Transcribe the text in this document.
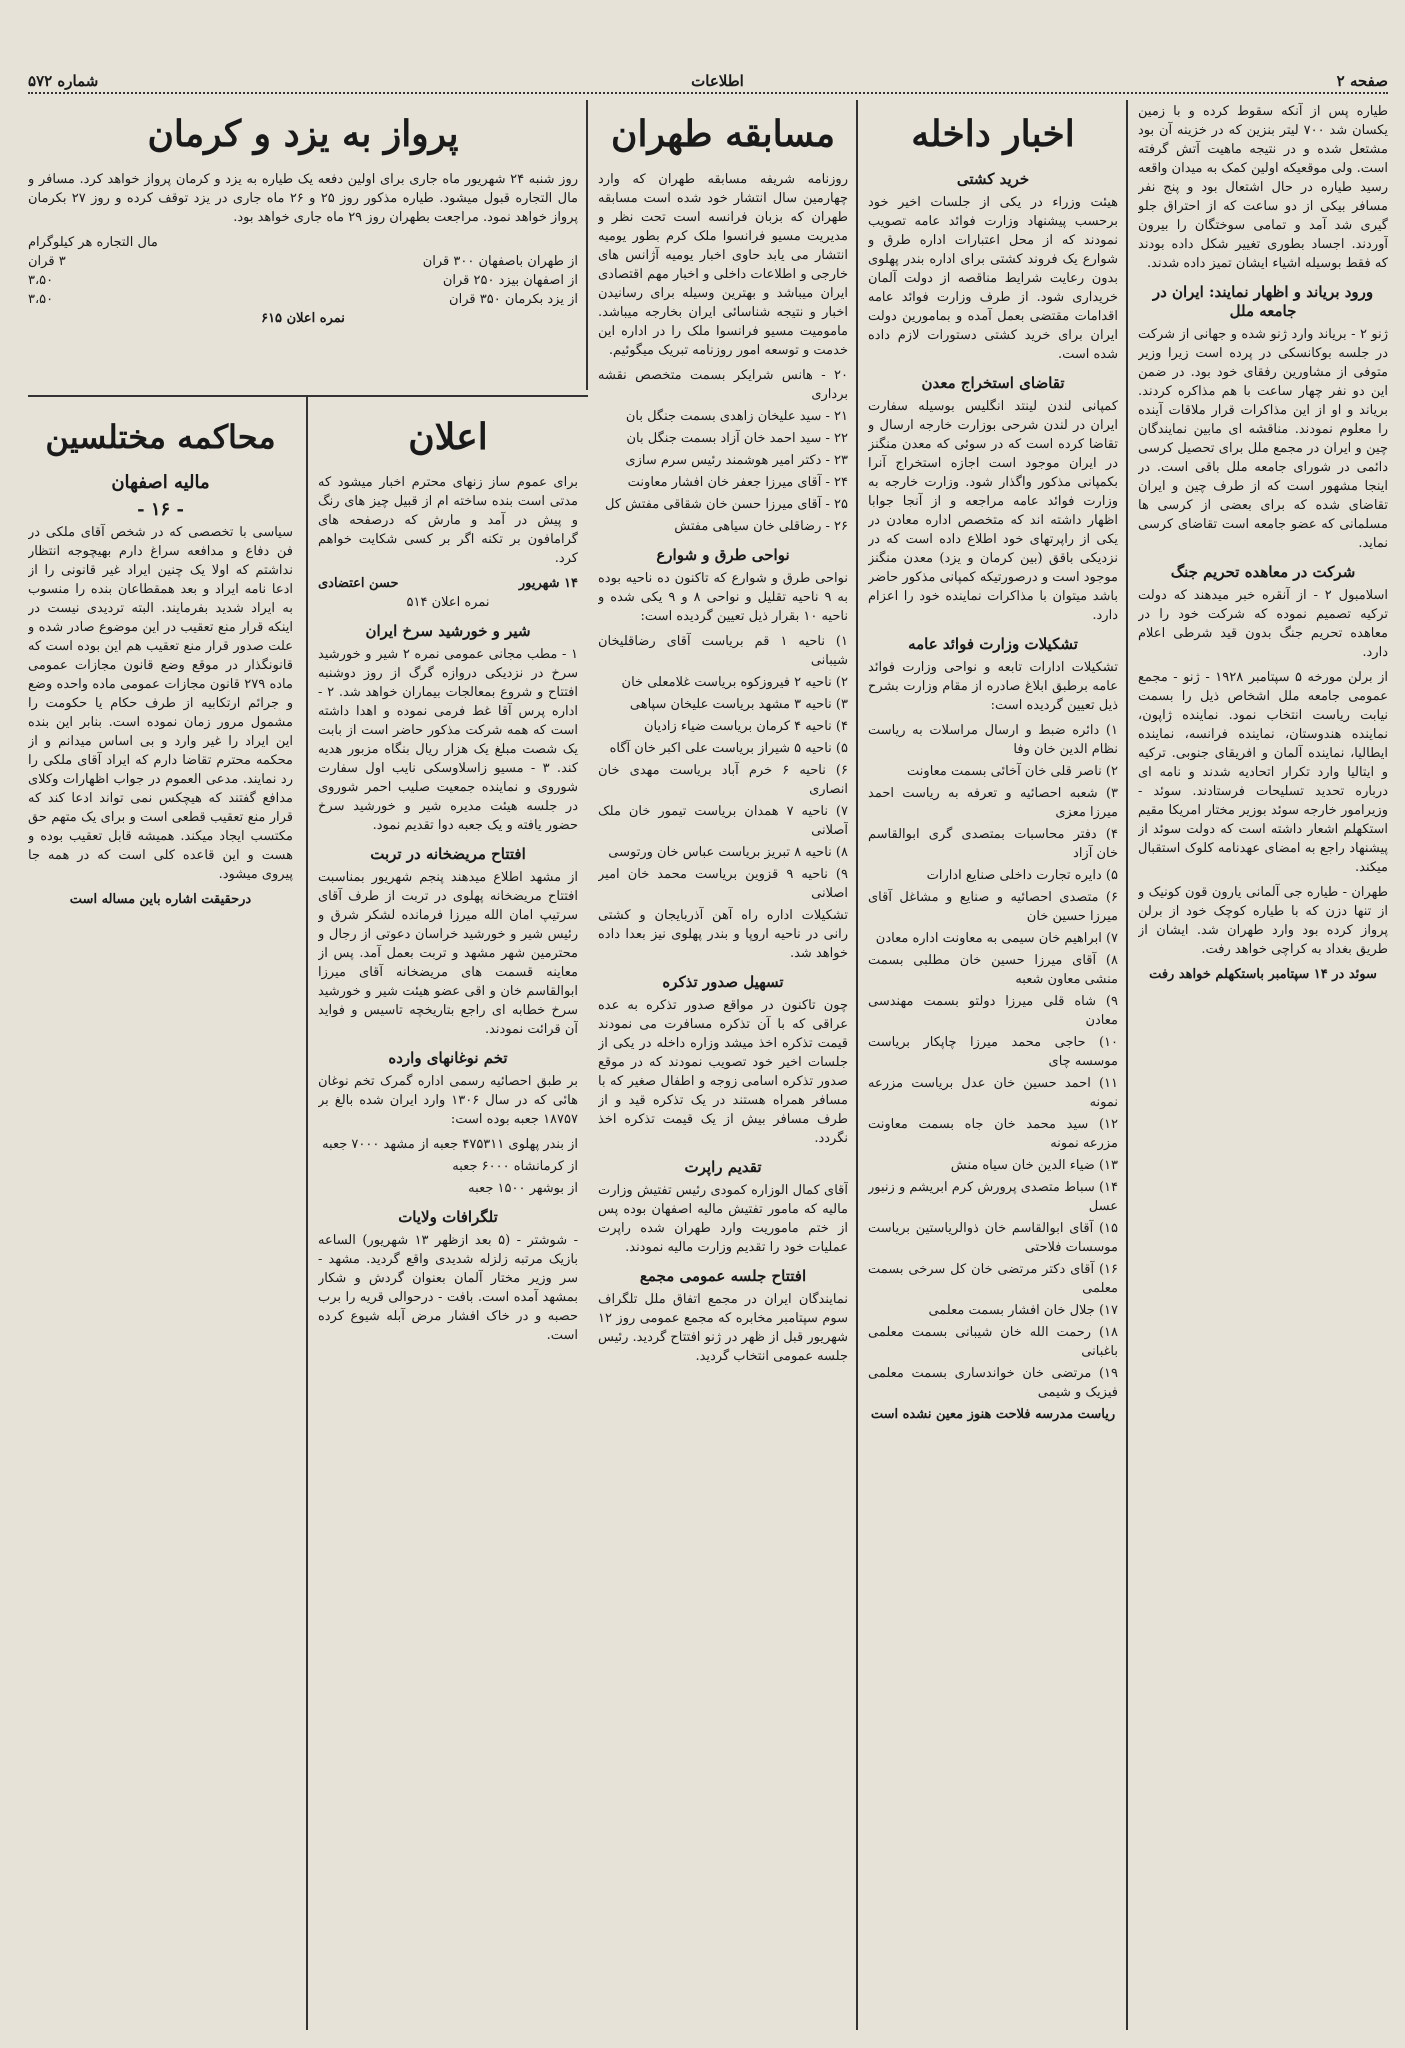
صفحه ۲
اطلاعات
شماره ۵۷۲

طیاره پس از آنکه سقوط کرده و با زمین یکسان شد ۷۰۰ لیتر بنزین که در خزینه آن بود مشتعل شده و در نتیجه ماهیت آتش گرفته است. ولی موقعیکه اولین کمک به میدان واقعه رسید طیاره در حال اشتعال بود و پنج نفر مسافر بیکی از دو ساعت که از احتراق جلو گیری شد آمد و تمامی سوختگان را بیرون آوردند. اجساد بطوری تغییر شکل داده بودند که فقط بوسیله اشیاء ایشان تمیز داده شدند.

ورود بریاند و اظهار نمایند: ایران در جامعه ملل

ژنو ۲ - بریاند وارد ژنو شده و جهانی از شرکت در جلسه بوکانسکی در پرده است زیرا وزیر متوفی از مشاورین رفقای خود بود. در ضمن این دو نفر چهار ساعت با هم مذاکره کردند. بریاند و او از این مذاکرات قرار ملاقات آینده را معلوم نمودند. مناقشه ای مابین نمایندگان چین و ایران در مجمع ملل برای تحصیل کرسی دائمی در شورای جامعه ملل باقی است. در اینجا مشهور است که از طرف چین و ایران تقاضای شده که برای بعضی از کرسی ها مسلمانی که عضو جامعه است تقاضای کرسی نماید.

شرکت در معاهده تحریم جنگ

اسلامبول ۲ - از آنقره خبر میدهند که دولت ترکیه تصمیم نموده که شرکت خود را در معاهده تحریم جنگ بدون قید شرطی اعلام دارد.

از برلن مورخه ۵ سپتامبر ۱۹۲۸ - ژنو - مجمع عمومی جامعه ملل اشخاص ذیل را بسمت نیابت ریاست انتخاب نمود. نماینده ژاپون، نماینده هندوستان، نماینده فرانسه، نماینده ایطالیا، نماینده آلمان و افریقای جنوبی. ترکیه و ایتالیا وارد تکرار اتحادیه شدند و نامه ای درباره تحدید تسلیحات فرستادند. سوئد - وزیرامور خارجه سوئد بوزیر مختار امریکا مقیم استکهلم اشعار داشته است که دولت سوئد از پیشنهاد راجع به امضای عهدنامه کلوک استقبال میکند.

طهران - طیاره جی آلمانی یارون قون کونیک و از تنها دزن که با طیاره کوچک خود از برلن پرواز کرده بود وارد طهران شد. ایشان از طریق بغداد به کراچی خواهد رفت.

سوئد در ۱۴ سپتامبر باستکهلم خواهد رفت

اخبار داخله
خرید کشتی

هیئت وزراء در یکی از جلسات اخیر خود برحسب پیشنهاد وزارت فوائد عامه تصویب نمودند که از محل اعتبارات اداره طرق و شوارع یک فروند کشتی برای اداره بندر پهلوی بدون رعایت شرایط مناقصه از دولت آلمان خریداری شود. از طرف وزارت فوائد عامه اقدامات مقتضی بعمل آمده و بمامورین دولت ایران برای خرید کشتی دستورات لازم داده شده است.

تقاضای استخراج معدن

کمپانی لندن لینتد انگلیس بوسیله سفارت ایران در لندن شرحی بوزارت خارجه ارسال و تقاضا کرده است که در سوئی که معدن منگنز در ایران موجود است اجازه استخراج آنرا بکمپانی مذکور واگذار شود. وزارت خارجه به وزارت فوائد عامه مراجعه و از آنجا جوابا اظهار داشته اند که متخصص اداره معادن در یکی از راپرتهای خود اطلاع داده است که در نزدیکی باقق (بین کرمان و یزد) معدن منگنز موجود است و درصورتیکه کمپانی مذکور حاضر باشد میتوان با مذاکرات نماینده خود را اعزام دارد.

تشکیلات وزارت فوائد عامه

تشکیلات ادارات تابعه و نواحی وزارت فوائد عامه برطبق ابلاغ صادره از مقام وزارت بشرح ذیل تعیین گردیده است:

۱) دائره ضبط و ارسال مراسلات به ریاست نظام الدین خان وفا
۲) ناصر قلی خان آخائی بسمت معاونت
۳) شعبه احصائیه و تعرفه به ریاست احمد میرزا معزی
۴) دفتر محاسبات بمتصدی گری ابوالقاسم خان آزاد
۵) دایره تجارت داخلی صنایع ادارات
۶) متصدی احصائیه و صنایع و مشاغل آقای میرزا حسین خان
۷) ابراهیم خان سیمی به معاونت اداره معادن
۸) آقای میرزا حسین خان مطلبی بسمت منشی معاون شعبه
۹) شاه قلی میرزا دولتو بسمت مهندسی معادن
۱۰) حاجی محمد میرزا چاپکار بریاست موسسه چای
۱۱) احمد حسین خان عدل بریاست مزرعه نمونه
۱۲) سید محمد خان جاه بسمت معاونت مزرعه نمونه
۱۳) ضیاء الدین خان سیاه منش
۱۴) سباط متصدی پرورش کرم ابریشم و زنبور عسل
۱۵) آقای ابوالقاسم خان ذوالریاستین بریاست موسسات فلاحتی
۱۶) آقای دکتر مرتضی خان کل سرخی بسمت معلمی
۱۷) جلال خان افشار بسمت معلمی
۱۸) رحمت الله خان شیبانی بسمت معلمی باغبانی
۱۹) مرتضی خان خواندساری بسمت معلمی فیزیک و شیمی

ریاست مدرسه فلاحت هنوز معین نشده است

مسابقه طهران

روزنامه شریفه مسابقه طهران که وارد چهارمین سال انتشار خود شده است مسابقه طهران که بزبان فرانسه است تحت نظر و مدیریت مسیو فرانسوا ملک کرم بطور یومیه انتشار می یابد حاوی اخبار یومیه آژانس های خارجی و اطلاعات داخلی و اخبار مهم اقتصادی ایران میباشد و بهترین وسیله برای رسانیدن اخبار و نتیجه شناسائی ایران بخارجه میباشد. مامومیت مسیو فرانسوا ملک را در اداره این خدمت و توسعه امور روزنامه تبریک میگوئیم.

۲۰ - هانس شرایکر بسمت متخصص نقشه برداری
۲۱ - سید علیخان زاهدی بسمت جنگل بان
۲۲ - سید احمد خان آزاد بسمت جنگل بان
۲۳ - دکتر امیر هوشمند رئیس سرم سازی
۲۴ - آقای میرزا جعفر خان افشار معاونت
۲۵ - آقای میرزا حسن خان شقاقی مفتش کل
۲۶ - رضاقلی خان سیاهی مفتش
نواحی طرق و شوارع

نواحی طرق و شوارع که تاکنون ده ناحیه بوده به ۹ ناحیه تقلیل و نواحی ۸ و ۹ یکی شده و ناحیه ۱۰ بقرار ذیل تعیین گردیده است:

۱) ناحیه ۱ قم بریاست آقای رضاقلیخان شیبانی
۲) ناحیه ۲ فیروزکوه بریاست غلامعلی خان
۳) ناحیه ۳ مشهد بریاست علیخان سپاهی
۴) ناحیه ۴ کرمان بریاست ضیاء زادیان
۵) ناحیه ۵ شیراز بریاست علی اکبر خان آگاه
۶) ناحیه ۶ خرم آباد بریاست مهدی خان انصاری
۷) ناحیه ۷ همدان بریاست تیمور خان ملک آصلانی
۸) ناحیه ۸ تبریز بریاست عباس خان ورتوسی
۹) ناحیه ۹ قزوین بریاست محمد خان امیر اصلانی

تشکیلات اداره راه آهن آذربایجان و کشتی رانی در ناحیه اروپا و بندر پهلوی نیز بعدا داده خواهد شد.

تسهیل صدور تذکره

چون تاکنون در مواقع صدور تذکره به عده عراقی که با آن تذکره مسافرت می نمودند قیمت تذکره اخذ میشد وزاره داخله در یکی از جلسات اخیر خود تصویب نمودند که در موقع صدور تذکره اسامی زوجه و اطفال صغیر که با مسافر همراه هستند در یک تذکره قید و از طرف مسافر بیش از یک قیمت تذکره اخذ نگردد.

تقدیم راپرت

آقای کمال الوزاره کمودی رئیس تفتیش وزارت مالیه که مامور تفتیش مالیه اصفهان بوده پس از ختم ماموریت وارد طهران شده راپرت عملیات خود را تقدیم وزارت مالیه نمودند.

افتتاح جلسه عمومی مجمع

نمایندگان ایران در مجمع اتفاق ملل تلگراف سوم سپتامبر مخابره که مجمع عمومی روز ۱۲ شهریور قبل از ظهر در ژنو افتتاح گردید. رئیس جلسه عمومی انتخاب گردید.

پرواز به یزد و کرمان

روز شنبه ۲۴ شهریور ماه جاری برای اولین دفعه یک طیاره به یزد و کرمان پرواز خواهد کرد. مسافر و مال التجاره قبول میشود. طیاره مذکور روز ۲۵ و ۲۶ ماه جاری در یزد توقف کرده و روز ۲۷ بکرمان پرواز خواهد نمود. مراجعت بطهران روز ۲۹ ماه جاری خواهد بود.

مال التجاره هر کیلوگرام
از طهران باصفهان ۳۰۰ قران
۳ قران
از اصفهان بیزد ۲۵۰ قران
۳،۵۰
از یزد بکرمان ۳۵۰ قران
۳،۵۰
نمره اعلان ۶۱۵
اعلان

برای عموم ساز زنهای محترم اخبار میشود که مدتی است بنده ساخته ام از قبیل چیز های رنگ و پیش در آمد و مارش که درصفحه های گرامافون بر تکنه اگر بر کسی شکایت خواهم کرد.

۱۴ شهریور
حسن اعتضادی
نمره اعلان ۵۱۴
شیر و خورشید سرخ ایران

۱ - مطب مجانی عمومی نمره ۲ شیر و خورشید سرخ در نزدیکی دروازه گرگ از روز دوشنبه افتتاح و شروع بمعالجات بیماران خواهد شد. ۲ - اداره پرس آقا غط فرمی نموده و اهدا داشته است که همه شرکت مذکور حاضر است از بابت یک شصت مبلغ یک هزار ریال بنگاه مزبور هدیه کند. ۳ - مسیو زاسلاوسکی نایب اول سفارت شوروی و نماینده جمعیت صلیب احمر شوروی در جلسه هیئت مدیره شیر و خورشید سرخ حضور یافته و یک جعبه دوا تقدیم نمود.

افتتاح مریضخانه در تربت

از مشهد اطلاع میدهند پنجم شهریور بمناسبت افتتاح مریضخانه پهلوی در تربت از طرف آقای سرتیپ امان الله میرزا فرمانده لشکر شرق و رئیس شیر و خورشید خراسان دعوتی از رجال و محترمین شهر مشهد و تربت بعمل آمد. پس از معاینه قسمت های مریضخانه آقای میرزا ابوالقاسم خان و اقی عضو هیئت شیر و خورشید سرخ خطابه ای راجع بتاریخچه تاسیس و فواید آن قرائت نمودند.

تخم نوغانهای وارده

بر طبق احصائیه رسمی اداره گمرک تخم نوغان هائی که در سال ۱۳۰۶ وارد ایران شده بالغ بر ۱۸۷۵۷ جعبه بوده است:

از بندر پهلوی ۴۷۵۳۱۱ جعبه از مشهد ۷۰۰۰ جعبه
از کرمانشاه ۶۰۰۰ جعبه
از بوشهر ۱۵۰۰ جعبه
تلگرافات ولایات

- شوشتر - (۵ بعد ازظهر ۱۳ شهریور) الساعه بازیک مرتبه زلزله شدیدی واقع گردید. مشهد - سر وزیر مختار آلمان بعنوان گردش و شکار بمشهد آمده است. بافت - درحوالی قریه را برب حصبه و در خاک افشار مرض آبله شیوع کرده است.

محاکمه مختلسین
مالیه اصفهان
- ۱۶ -

سیاسی با تخصصی که در شخص آقای ملکی در فن دفاع و مدافعه سراغ دارم بهیچوجه انتظار نداشتم که اولا یک چنین ایراد غیر قانونی را از ادعا نامه ایراد و بعد همقطاعان بنده را منسوب به ایراد شدید بفرمایند. البته تردیدی نیست در اینکه قرار منع تعقیب در این موضوع صادر شده و علت صدور قرار منع تعقیب هم این بوده است که قانونگذار در موقع وضع قانون مجازات عمومی ماده ۲۷۹ قانون مجازات عمومی ماده واحده وضع و جرائم ارتکابیه از طرف حکام یا حکومت را مشمول مرور زمان نموده است. بنابر این بنده این ایراد را غیر وارد و بی اساس میدانم و از محکمه محترم تقاضا دارم که ایراد آقای ملکی را رد نمایند. مدعی العموم در جواب اظهارات وکلای مدافع گفتند که هیچکس نمی تواند ادعا کند که قرار منع تعقیب قطعی است و برای یک متهم حق مکتسب ایجاد میکند. همیشه قابل تعقیب بوده و هست و این قاعده کلی است که در همه جا پیروی میشود.

درحقیقت اشاره باین مساله است
